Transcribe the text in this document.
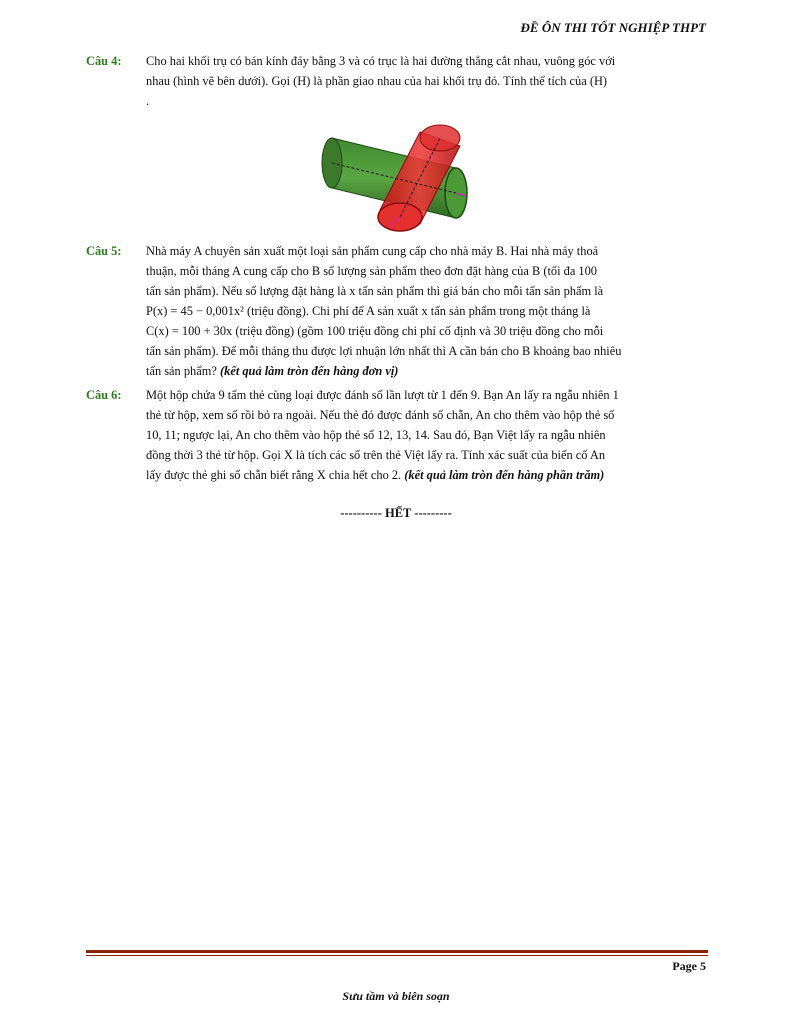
ĐỀ ÔN THI TỐT NGHIỆP THPT
Câu 4:	Cho hai khối trụ có bán kính đáy bằng 3 và có trục là hai đường thẳng cắt nhau, vuông góc với

nhau (hình vẽ bên dưới). Gọi (H) là phần giao nhau của hai khối trụ đó. Tính thể tích của (H)

.

Câu 5:	Nhà máy A chuyên sản xuất một loại sản phẩm cung cấp cho nhà máy B. Hai nhà máy thoả

thuận, mỗi tháng A cung cấp cho B số lượng sản phẩm theo đơn đặt hàng của B (tối đa 100

tấn sản phẩm). Nếu số lượng đặt hàng là x tấn sản phẩm thì giá bán cho mỗi tấn sản phẩm là

P(x) = 45 − 0,001x² (triệu đồng). Chi phí để A sản xuất x tấn sản phẩm trong một tháng là

C(x) = 100 + 30x (triệu đồng) (gồm 100 triệu đồng chi phí cố định và 30 triệu đồng cho mỗi

tấn sản phẩm). Để mỗi tháng thu được lợi nhuận lớn nhất thì A cần bán cho B khoảng bao nhiêu

tấn sản phẩm? (kết quả làm tròn đến hàng đơn vị)

Câu 6:	Một hộp chứa 9 tấm thẻ cùng loại được đánh số lần lượt từ 1 đến 9. Bạn An lấy ra ngẫu nhiên 1

thẻ từ hộp, xem số rồi bỏ ra ngoài. Nếu thẻ đó được đánh số chẵn, An cho thêm vào hộp thẻ số

10, 11; ngược lại, An cho thêm vào hộp thẻ số 12, 13, 14. Sau đó, Bạn Việt lấy ra ngẫu nhiên

đồng thời 3 thẻ từ hộp. Gọi X là tích các số trên thẻ Việt lấy ra. Tính xác suất của biến cố An

lấy được thẻ ghi số chẵn biết rằng X chia hết cho 2. (kết quả làm tròn đến hàng phần trăm)

---------- HẾT ---------
Page 5
Sưu tầm và biên soạn
